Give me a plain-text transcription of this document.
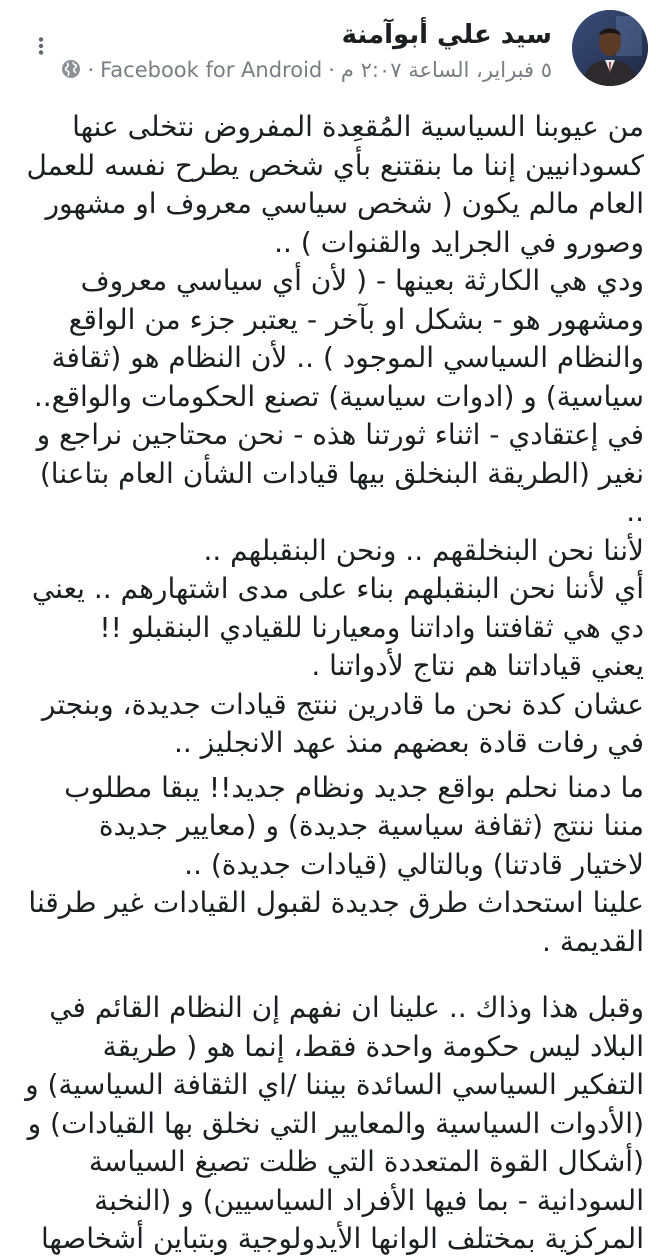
سيد علي أبوآمنة
٥ فبراير، الساعة ٢:٠٧ م
·
Facebook for Android
·

من عيوبنا السياسية المُقعِدة المفروض نتخلى عنها
كسودانيين إننا ما بنقتنع بأي شخص يطرح نفسه للعمل
العام مالم يكون ( شخص سياسي معروف او مشهور
وصورو في الجرايد والقنوات ) ..
ودي هي الكارثة بعينها - ( لأن أي سياسي معروف
ومشهور هو - بشكل او بآخر - يعتبر جزء من الواقع
والنظام السياسي الموجود ) .. لأن النظام هو (ثقافة
سياسية) و (ادوات سياسية) تصنع الحكومات والواقع..
في إعتقادي - اثناء ثورتنا هذه - نحن محتاجين نراجع و
نغير (الطريقة البنخلق بيها قيادات الشأن العام بتاعنا) ..
لأننا نحن البنخلقهم .. ونحن البنقبلهم ..
أي لأننا نحن البنقبلهم بناء على مدى اشتهارهم .. يعني
دي هي ثقافتنا واداتنا ومعيارنا للقيادي البنقبلو !!
يعني قياداتنا هم نتاج لأدواتنا .
عشان كدة نحن ما قادرين ننتج قيادات جديدة، وبنجتر
في رفات قادة بعضهم منذ عهد الانجليز ..

ما دمنا نحلم بواقع جديد ونظام جديد!! يبقا مطلوب
مننا ننتج (ثقافة سياسية جديدة) و (معايير جديدة
لاختيار قادتنا) وبالتالي (قيادات جديدة) ..
علينا استحداث طرق جديدة لقبول القيادات غير طرقنا
القديمة .

وقبل هذا وذاك .. علينا ان نفهم إن النظام القائم في
البلاد ليس حكومة واحدة فقط، إنما هو ( طريقة
التفكير السياسي السائدة بيننا /اي الثقافة السياسية) و
(الأدوات السياسية والمعايير التي نخلق بها القيادات) و
(أشكال القوة المتعددة التي ظلت تصيغ السياسة
السودانية - بما فيها الأفراد السياسيين) و (النخبة
المركزية بمختلف الوانها الأيدولوجية وبتباين أشخاصها
